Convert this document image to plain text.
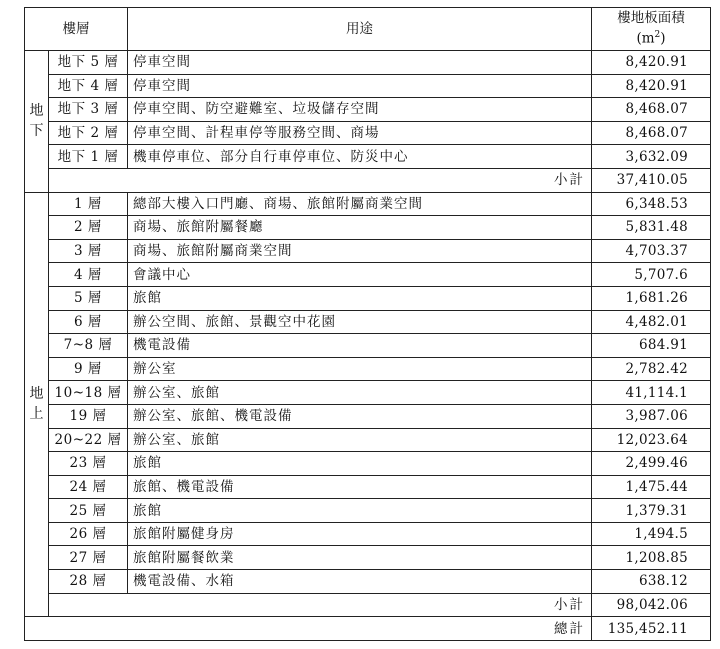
樓層		用途	樓地板面積
$(m^2)$

地
下	地下 5 層	停車空間	8,420.91
	地下 4 層	停車空間	8,420.91
	地下 3 層	停車空間、防空避難室、垃圾儲存空間	8,468.07
	地下 2 層	停車空間、計程車停等服務空間、商場	8,468.07
	地下 1 層	機車停車位、部分自行車停車位、防災中心	3,632.09
	小計		37,410.05

地
上	1 層	總部大樓入口門廳、商場、旅館附屬商業空間	6,348.53
	2 層	商場、旅館附屬餐廳	5,831.48
	3 層	商場、旅館附屬商業空間	4,703.37
	4 層	會議中心	5,707.6
	5 層	旅館	1,681.26
	6 層	辦公空間、旅館、景觀空中花園	4,482.01
	7~8 層	機電設備	684.91
	9 層	辦公室	2,782.42
	10~18 層	辦公室、旅館	41,114.1
	19 層	辦公室、旅館、機電設備	3,987.06
	20~22 層	辦公室、旅館	12,023.64
	23 層	旅館	2,499.46
	24 層	旅館、機電設備	1,475.44
	25 層	旅館	1,379.31
	26 層	旅館附屬健身房	1,494.5
	27 層	旅館附屬餐飲業	1,208.85
	28 層	機電設備、水箱	638.12
	小計		98,042.06
總計			135,452.11
